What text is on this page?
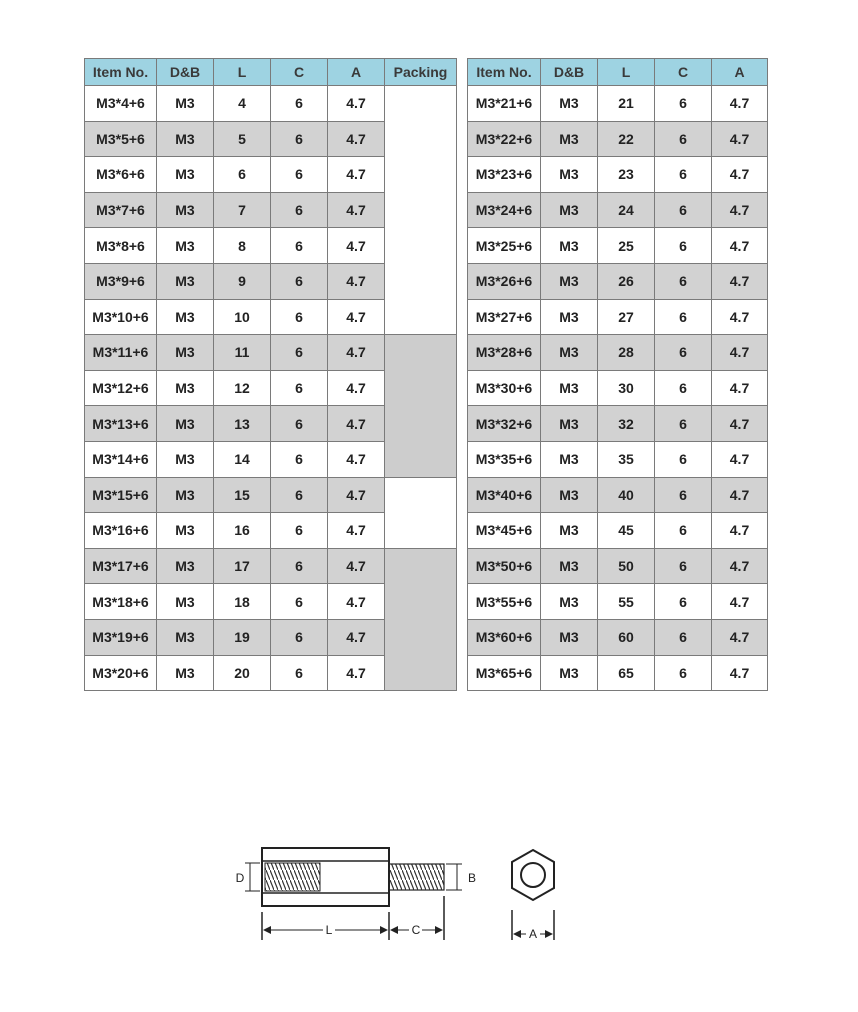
Item No.	D&B	L	C	A	Packing
M3*4+6	M3	4	6	4.7	
M3*5+6	M3	5	6	4.7	
M3*6+6	M3	6	6	4.7	
M3*7+6	M3	7	6	4.7	
M3*8+6	M3	8	6	4.7	
M3*9+6	M3	9	6	4.7	
M3*10+6	M3	10	6	4.7	
M3*11+6	M3	11	6	4.7	
M3*12+6	M3	12	6	4.7	
M3*13+6	M3	13	6	4.7	
M3*14+6	M3	14	6	4.7	
M3*15+6	M3	15	6	4.7	
M3*16+6	M3	16	6	4.7	
M3*17+6	M3	17	6	4.7	
M3*18+6	M3	18	6	4.7	
M3*19+6	M3	19	6	4.7	
M3*20+6	M3	20	6	4.7	
Item No.	D&B	L	C	A
M3*21+6	M3	21	6	4.7
M3*22+6	M3	22	6	4.7
M3*23+6	M3	23	6	4.7
M3*24+6	M3	24	6	4.7
M3*25+6	M3	25	6	4.7
M3*26+6	M3	26	6	4.7
M3*27+6	M3	27	6	4.7
M3*28+6	M3	28	6	4.7
M3*30+6	M3	30	6	4.7
M3*32+6	M3	32	6	4.7
M3*35+6	M3	35	6	4.7
M3*40+6	M3	40	6	4.7
M3*45+6	M3	45	6	4.7
M3*50+6	M3	50	6	4.7
M3*55+6	M3	55	6	4.7
M3*60+6	M3	60	6	4.7
M3*65+6	M3	65	6	4.7
D	B
L	C	A
